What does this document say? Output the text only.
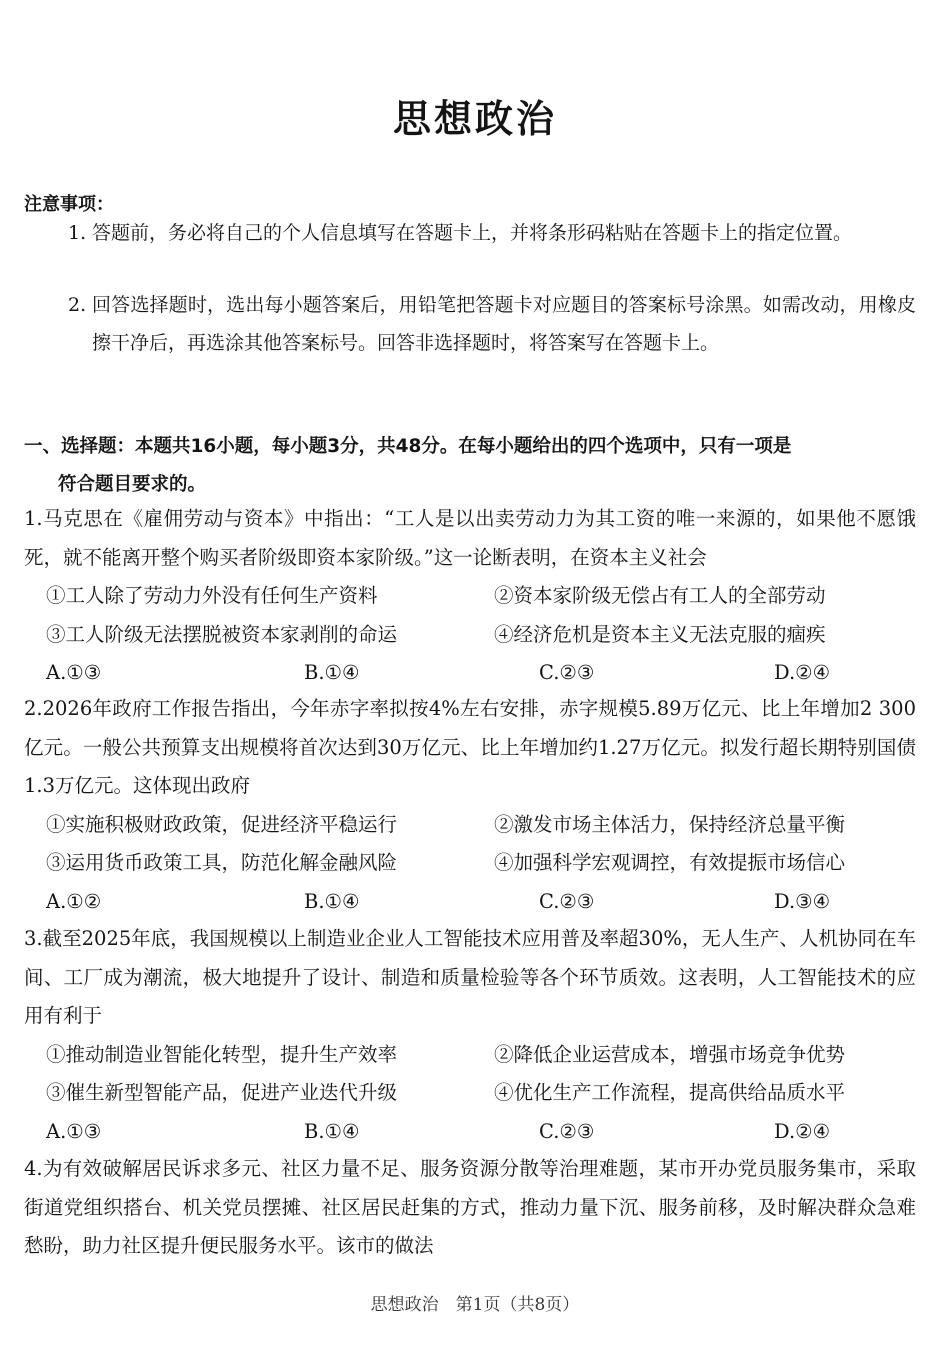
思想政治
注意事项：
1. 答题前，务必将自己的个人信息填写在答题卡上，并将条形码粘贴在答题卡上的指定位置。
2. 回答选择题时，选出每小题答案后，用铅笔把答题卡对应题目的答案标号涂黑。如需改动，用橡皮擦干净后，再选涂其他答案标号。回答非选择题时，将答案写在答题卡上。
一、选择题：本题共16小题，每小题3分，共48分。在每小题给出的四个选项中，只有一项是
符合题目要求的。
1.马克思在《雇佣劳动与资本》中指出：“工人是以出卖劳动力为其工资的唯一来源的，如果他不愿饿死，就不能离开整个购买者阶级即资本家阶级。”这一论断表明，在资本主义社会
①工人除了劳动力外没有任何生产资料	②资本家阶级无偿占有工人的全部劳动
③工人阶级无法摆脱被资本家剥削的命运	④经济危机是资本主义无法克服的痼疾
A.①③	B.①④	C.②③	D.②④
2.2026年政府工作报告指出，今年赤字率拟按4%左右安排，赤字规模5.89万亿元、比上年增加2 300亿元。一般公共预算支出规模将首次达到30万亿元、比上年增加约1.27万亿元。拟发行超长期特别国债1.3万亿元。这体现出政府
①实施积极财政政策，促进经济平稳运行	②激发市场主体活力，保持经济总量平衡
③运用货币政策工具，防范化解金融风险	④加强科学宏观调控，有效提振市场信心
A.①②	B.①④	C.②③	D.③④
3.截至2025年底，我国规模以上制造业企业人工智能技术应用普及率超30%，无人生产、人机协同在车间、工厂成为潮流，极大地提升了设计、制造和质量检验等各个环节质效。这表明，人工智能技术的应用有利于
①推动制造业智能化转型，提升生产效率	②降低企业运营成本，增强市场竞争优势
③催生新型智能产品，促进产业迭代升级	④优化生产工作流程，提高供给品质水平
A.①③	B.①④	C.②③	D.②④
4.为有效破解居民诉求多元、社区力量不足、服务资源分散等治理难题，某市开办党员服务集市，采取街道党组织搭台、机关党员摆摊、社区居民赶集的方式，推动力量下沉、服务前移，及时解决群众急难愁盼，助力社区提升便民服务水平。该市的做法
思想政治　第1页（共8页）
